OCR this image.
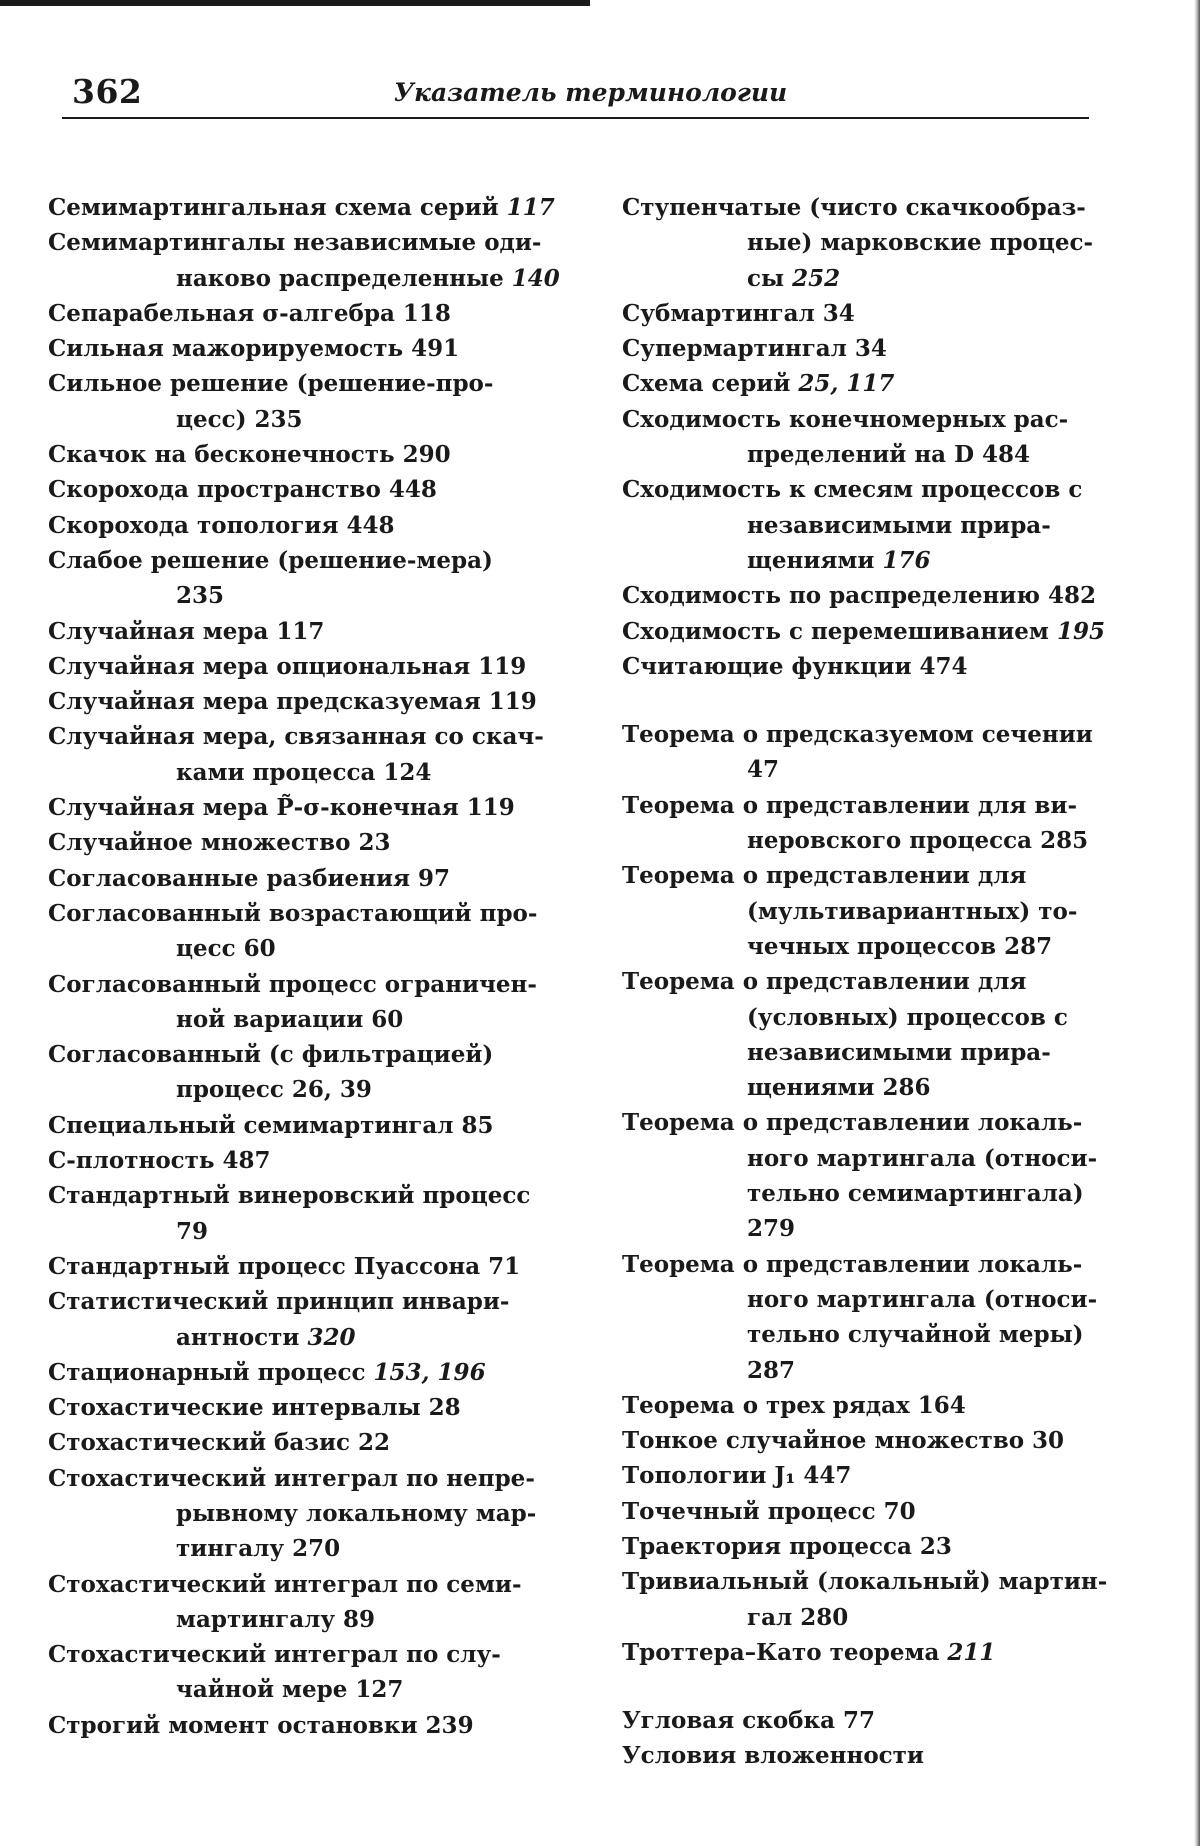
362	Указатель терминологии
Семимартингальная схема серий 117
Семимартингалы независимые оди-
наково распределенные 140
Сепарабельная σ-алгебра 118
Сильная мажорируемость 491
Сильное решение (решение-про-
цесс) 235
Скачок на бесконечность 290
Скорохода пространство 448
Скорохода топология 448
Слабое решение (решение-мера)
235
Случайная мера 117
Случайная мера опциональная 119
Случайная мера предсказуемая 119
Случайная мера, связанная со скач-
ками процесса 124
Случайная мера P̃-σ-конечная 119
Случайное множество 23
Согласованные разбиения 97
Согласованный возрастающий про-
цесс 60
Согласованный процесс ограничен-
ной вариации 60
Согласованный (с фильтрацией)
процесс 26, 39
Специальный семимартингал 85
C-плотность 487
Стандартный винеровский процесс
79
Стандартный процесс Пуассона 71
Статистический принцип инвари-
антности 320
Стационарный процесс 153, 196
Стохастические интервалы 28
Стохастический базис 22
Стохастический интеграл по непре-
рывному локальному мар-
тингалу 270
Стохастический интеграл по семи-
мартингалу 89
Стохастический интеграл по слу-
чайной мере 127
Строгий момент остановки 239
Ступенчатые (чисто скачкообраз-
ные) марковские процес-
сы 252
Субмартингал 34
Супермартингал 34
Схема серий 25, 117
Сходимость конечномерных рас-
пределений на D 484
Сходимость к смесям процессов с
независимыми прира-
щениями 176
Сходимость по распределению 482
Сходимость с перемешиванием 195
Считающие функции 474
Теорема о предсказуемом сечении
47
Теорема о представлении для ви-
неровского процесса 285
Теорема о представлении для
(мультивариантных) то-
чечных процессов 287
Теорема о представлении для
(условных) процессов с
независимыми прира-
щениями 286
Теорема о представлении локаль-
ного мартингала (относи-
тельно семимартингала)
279
Теорема о представлении локаль-
ного мартингала (относи-
тельно случайной меры)
287
Теорема о трех рядах 164
Тонкое случайное множество 30
Топологии J₁ 447
Точечный процесс 70
Траектория процесса 23
Тривиальный (локальный) мартин-
гал 280
Троттера–Като теорема 211
Угловая скобка 77
Условия вложенности
